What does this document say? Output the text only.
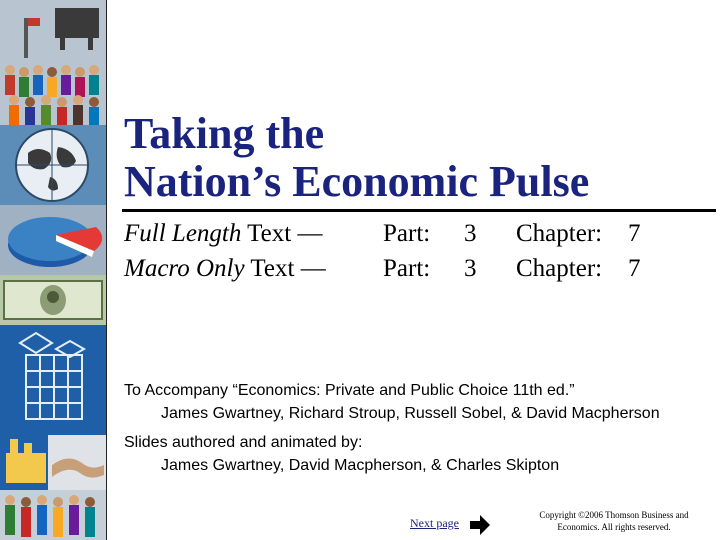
Taking the
Nation’s Economic Pulse
Full Length Text — Part: 3 Chapter: 7
Macro Only Text — Part: 3 Chapter: 7
To Accompany “Economics: Private and Public Choice 11th ed.”
James Gwartney, Richard Stroup, Russell Sobel, & David Macpherson
Slides authored and animated by:
James Gwartney, David Macpherson, & Charles Skipton
Next page
Copyright ©2006 Thomson Business and
Economics. All rights reserved.
